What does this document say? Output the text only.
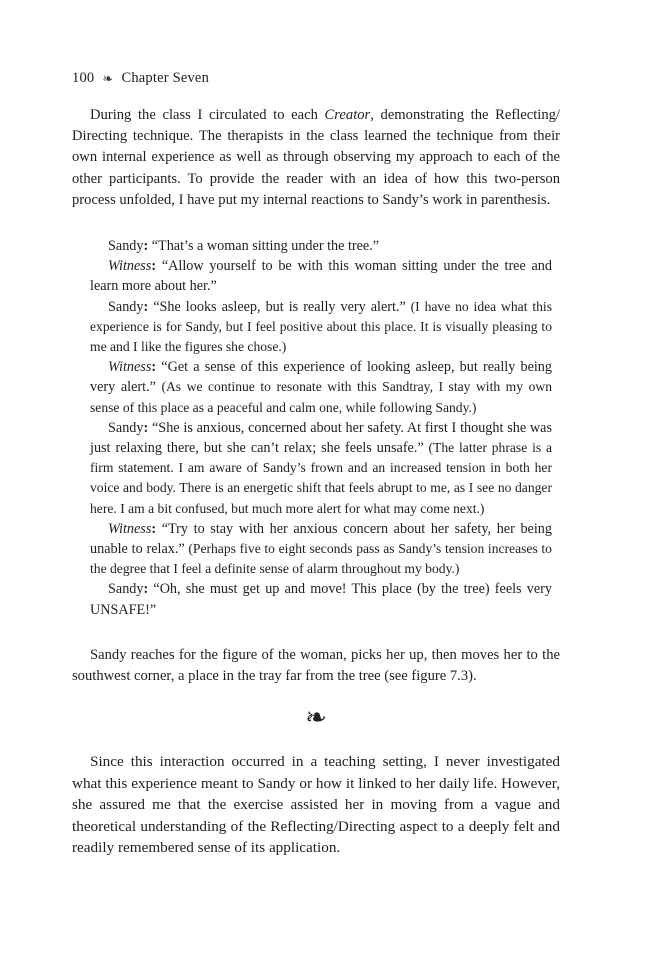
100 ❧ Chapter Seven

During the class I circulated to each Creator, demonstrating the Reflecting/ Directing technique. The therapists in the class learned the technique from their own internal experience as well as through observing my approach to each of the other participants. To provide the reader with an idea of how this two-person process unfolded, I have put my internal reactions to Sandy’s work in parenthesis.

Sandy: “That’s a woman sitting under the tree.”

Witness: “Allow yourself to be with this woman sitting under the tree and learn more about her.”

Sandy: “She looks asleep, but is really very alert.” (I have no idea what this experience is for Sandy, but I feel positive about this place. It is visually pleasing to me and I like the figures she chose.)

Witness: “Get a sense of this experience of looking asleep, but really being very alert.” (As we continue to resonate with this Sandtray, I stay with my own sense of this place as a peaceful and calm one, while following Sandy.)

Sandy: “She is anxious, concerned about her safety. At first I thought she was just relaxing there, but she can’t relax; she feels unsafe.” (The latter phrase is a firm statement. I am aware of Sandy’s frown and an increased tension in both her voice and body. There is an energetic shift that feels abrupt to me, as I see no danger here. I am a bit confused, but much more alert for what may come next.)

Witness: “Try to stay with her anxious concern about her safety, her being unable to relax.” (Perhaps five to eight seconds pass as Sandy’s tension increases to the degree that I feel a definite sense of alarm throughout my body.)

Sandy: “Oh, she must get up and move! This place (by the tree) feels very UNSAFE!”

Sandy reaches for the figure of the woman, picks her up, then moves her to the southwest corner, a place in the tray far from the tree (see figure 7.3).

❧

Since this interaction occurred in a teaching setting, I never investigated what this experience meant to Sandy or how it linked to her daily life. However, she assured me that the exercise assisted her in moving from a vague and theoretical understanding of the Reflecting/Directing aspect to a deeply felt and readily remembered sense of its application.
